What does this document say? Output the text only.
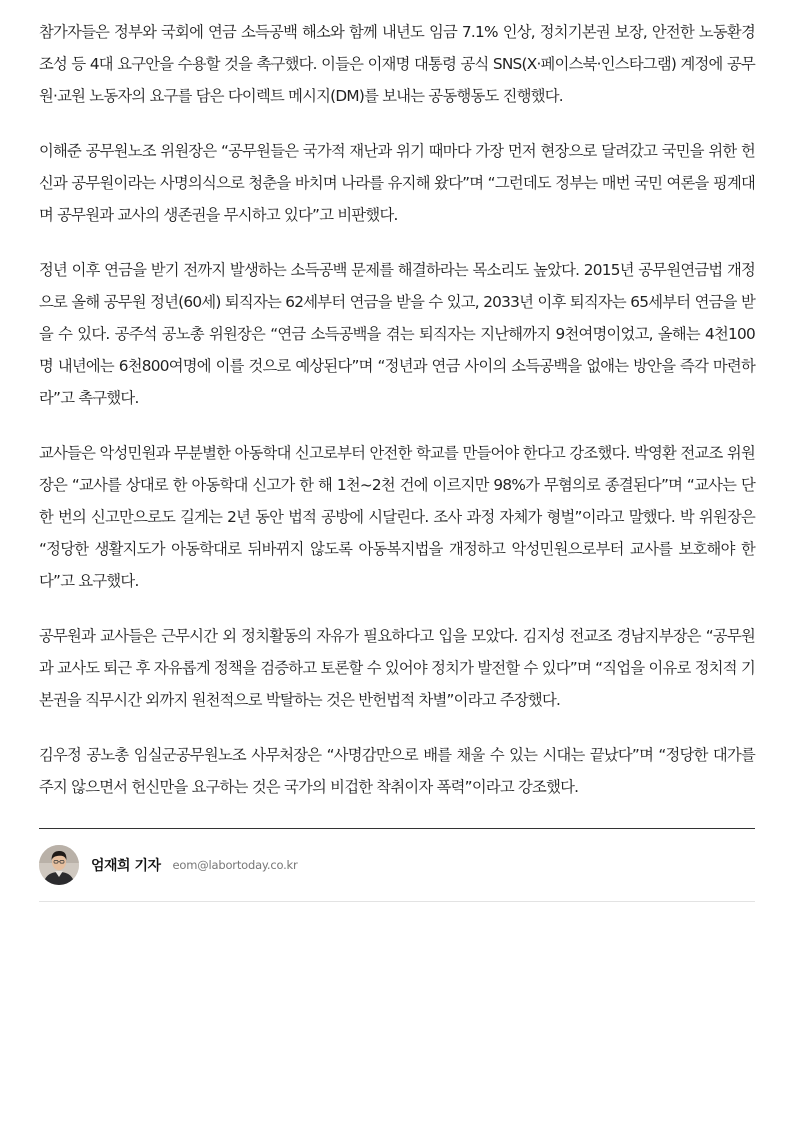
참가자들은 정부와 국회에 연금 소득공백 해소와 함께 내년도 임금 7.1% 인상, 정치기본권 보장, 안전한 노동환경 조성 등 4대 요구안을 수용할 것을 촉구했다. 이들은 이재명 대통령 공식 SNS(X·페이스북·인스타그램) 계정에 공무원·교원 노동자의 요구를 담은 다이렉트 메시지(DM)를 보내는 공동행동도 진행했다.

이해준 공무원노조 위원장은 “공무원들은 국가적 재난과 위기 때마다 가장 먼저 현장으로 달려갔고 국민을 위한 헌신과 공무원이라는 사명의식으로 청춘을 바치며 나라를 유지해 왔다”며 “그런데도 정부는 매번 국민 여론을 핑계대며 공무원과 교사의 생존권을 무시하고 있다”고 비판했다.

정년 이후 연금을 받기 전까지 발생하는 소득공백 문제를 해결하라는 목소리도 높았다. 2015년 공무원연금법 개정으로 올해 공무원 정년(60세) 퇴직자는 62세부터 연금을 받을 수 있고, 2033년 이후 퇴직자는 65세부터 연금을 받을 수 있다. 공주석 공노총 위원장은 “연금 소득공백을 겪는 퇴직자는 지난해까지 9천여명이었고, 올해는 4천100명 내년에는 6천800여명에 이를 것으로 예상된다”며 “정년과 연금 사이의 소득공백을 없애는 방안을 즉각 마련하라”고 촉구했다.

교사들은 악성민원과 무분별한 아동학대 신고로부터 안전한 학교를 만들어야 한다고 강조했다. 박영환 전교조 위원장은 “교사를 상대로 한 아동학대 신고가 한 해 1천~2천 건에 이르지만 98%가 무혐의로 종결된다”며 “교사는 단 한 번의 신고만으로도 길게는 2년 동안 법적 공방에 시달린다. 조사 과정 자체가 형벌”이라고 말했다. 박 위원장은 “정당한 생활지도가 아동학대로 뒤바뀌지 않도록 아동복지법을 개정하고 악성민원으로부터 교사를 보호해야 한다”고 요구했다.

공무원과 교사들은 근무시간 외 정치활동의 자유가 필요하다고 입을 모았다. 김지성 전교조 경남지부장은 “공무원과 교사도 퇴근 후 자유롭게 정책을 검증하고 토론할 수 있어야 정치가 발전할 수 있다”며 “직업을 이유로 정치적 기본권을 직무시간 외까지 원천적으로 박탈하는 것은 반헌법적 차별”이라고 주장했다.

김우정 공노총 임실군공무원노조 사무처장은 “사명감만으로 배를 채울 수 있는 시대는 끝났다”며 “정당한 대가를 주지 않으면서 헌신만을 요구하는 것은 국가의 비겁한 착취이자 폭력”이라고 강조했다.

엄재희 기자 eom@labortoday.co.kr
